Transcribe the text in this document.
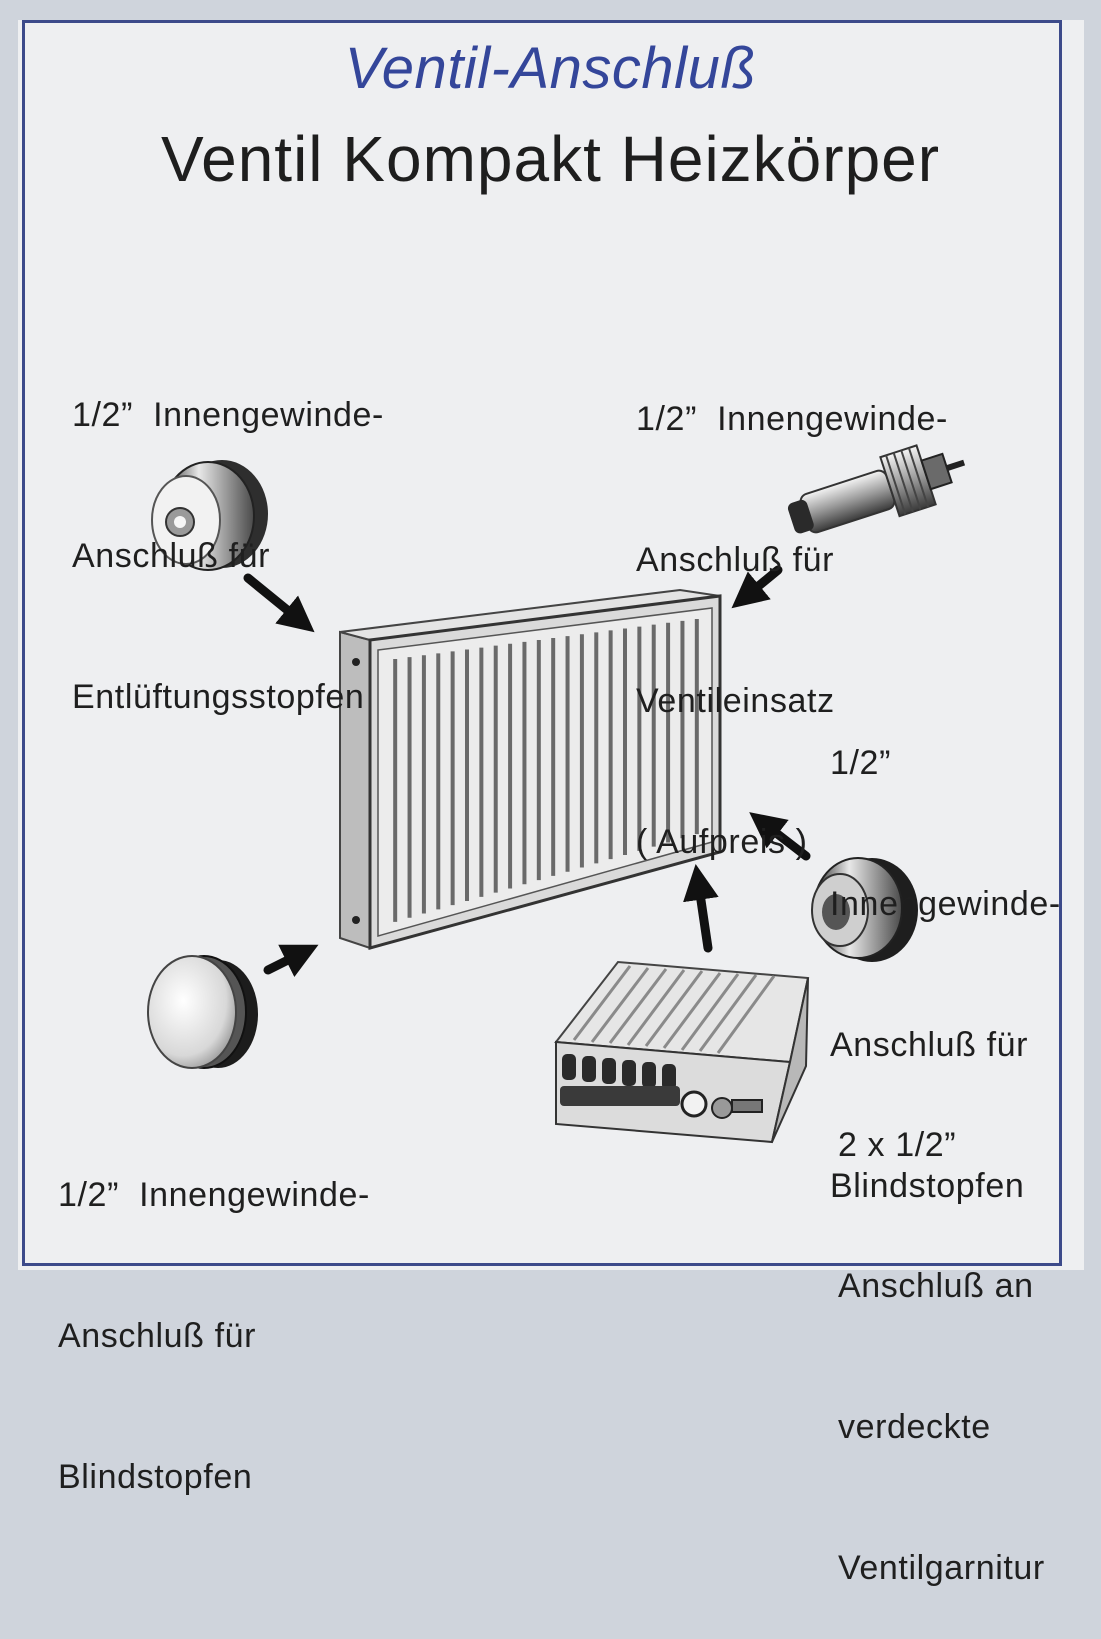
Ventil-Anschluß
Ventil Kompakt Heizkörper

1/2”  Innengewinde-

Anschluß für

Entlüftungsstopfen

1/2”  Innengewinde-

Anschluß für

Ventileinsatz

( Aufpreis )

1/2”

Innengewinde-

Anschluß für

Blindstopfen

1/2”  Innengewinde-

Anschluß für

Blindstopfen

2 x 1/2”

Anschluß an

verdeckte

Ventilgarnitur
